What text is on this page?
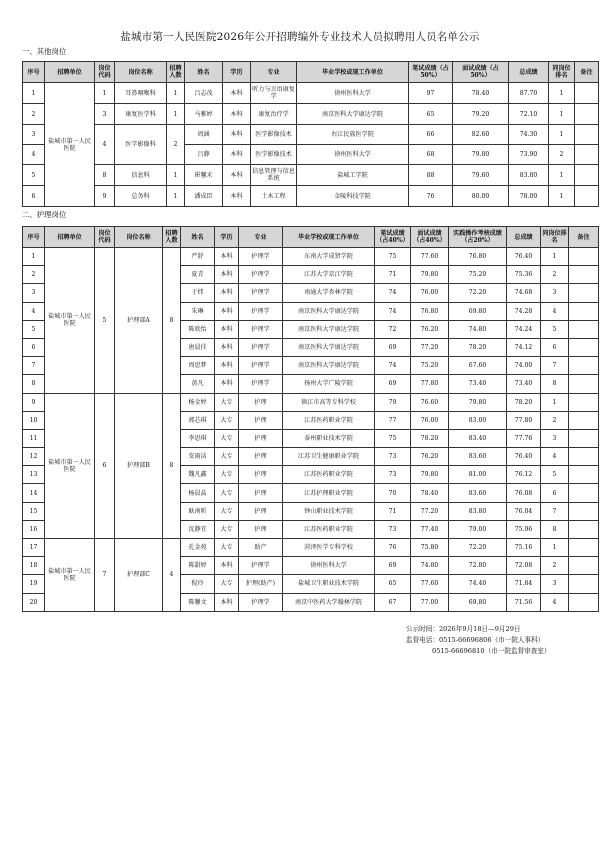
盐城市第一人民医院2026年公开招聘编外专业技术人员拟聘用人员名单公示
一、其他岗位
序号	招聘单位	岗位代码	岗位名称	招聘人数	姓名	学历	专业	毕业学校或现工作单位	笔试成绩（占50%）	面试成绩（占50%）	总成绩	同岗位排名	备注
1	盐城市第一人民医院	1	耳鼻咽喉科	1	吕志茂	本科	听力与言语康复学	徐州医科大学	97	78.40	87.70	1	
2		3	康复医学科	1	马雅婷	本科	康复治疗学	南京医科大学康达学院	65	79.20	72.10	1	
3		4	医学影像科	2	周涵	本科	医学影像技术	右江民族医学院	66	82.60	74.30	1	
4					吕静	本科	医学影像技术	徐州医科大学	68	79.80	73.90	2	
5		8	信息科	1	崔馨禾	本科	信息管理与信息系统	盐城工学院	88	79.60	83.80	1	
6		9	总务科	1	潘成臣	本科	土木工程	金陵科技学院	76	80.00	78.00	1	
二、护理岗位
序号	招聘单位	岗位代码	岗位名称	招聘人数	姓名	学历	专业	毕业学校或现工作单位	笔试成绩（占40%）	面试成绩（占40%）	实践操作考核成绩（占20%）	总成绩	同岗位排名	备注
1	盐城市第一人民医院	5	护理部A	8	严舒	本科	护理学	东南大学成贤学院	75	77.60	76.80	76.40	1	
2					夏青	本科	护理学	江苏大学京江学院	71	79.80	75.20	75.36	2	
3					于炜	本科	护理学	南通大学杏林学院	74	76.00	72.20	74.68	3	
4					朱琳	本科	护理学	南京医科大学康达学院	74	76.80	69.80	74.28	4	
5					陈欣怡	本科	护理学	南京医科大学康达学院	72	76.20	74.80	74.24	5	
6					唐晨佳	本科	护理学	南京医科大学康达学院	69	77.20	78.20	74.12	6	
7					周思梦	本科	护理学	南京医科大学康达学院	74	75.20	67.60	74.00	7	
8					黄凡	本科	护理学	扬州大学广陵学院	69	77.80	73.40	73.40	8	
9	盐城市第一人民医院	6	护理部B	8	杨金婷	大专	护理	镇江市高等专科学校	79	76.60	79.80	78.20	1	
10					郭芯琪	大专	护理	江苏医药职业学院	77	76.00	83.00	77.80	2	
11					李思琪	大专	护理	泰州职业技术学院	75	78.20	83.40	77.76	3	
12					安雨洁	大专	护理	江苏卫生健康职业学院	73	76.20	83.60	76.40	4	
13					魏凡鑫	大专	护理	江苏医药职业学院	73	79.80	81.00	76.12	5	
14					杨晨晶	大专	护理	江苏护理职业学院	70	78.40	83.60	76.08	6	
15					耿南昕	大专	护理	钟山职业技术学院	71	77.20	83.80	76.04	7	
16					沈静宜	大专	护理	江苏医药职业学院	73	77.40	79.00	75.96	8	
17	盐城市第一人民医院	7	护理部C	4	孔金苑	大专	助产	菏泽医学专科学校	76	75.80	72.20	75.16	1	
18					陈甜婷	本科	护理学	徐州医科大学	69	74.80	72.80	72.08	2	
19					倪玲	大专	护理(助产)	盐城卫生职业技术学院	65	77.60	74.40	71.84	3	
20					陈馨文	本科	护理学	南京中医药大学翰林学院	67	77.00	69.80	71.56	4	
公示时间：2026年9月18日—9月29日
监督电话：0515-66696806（市一院人事科）
0515-66696810（市一院监督审查室）
